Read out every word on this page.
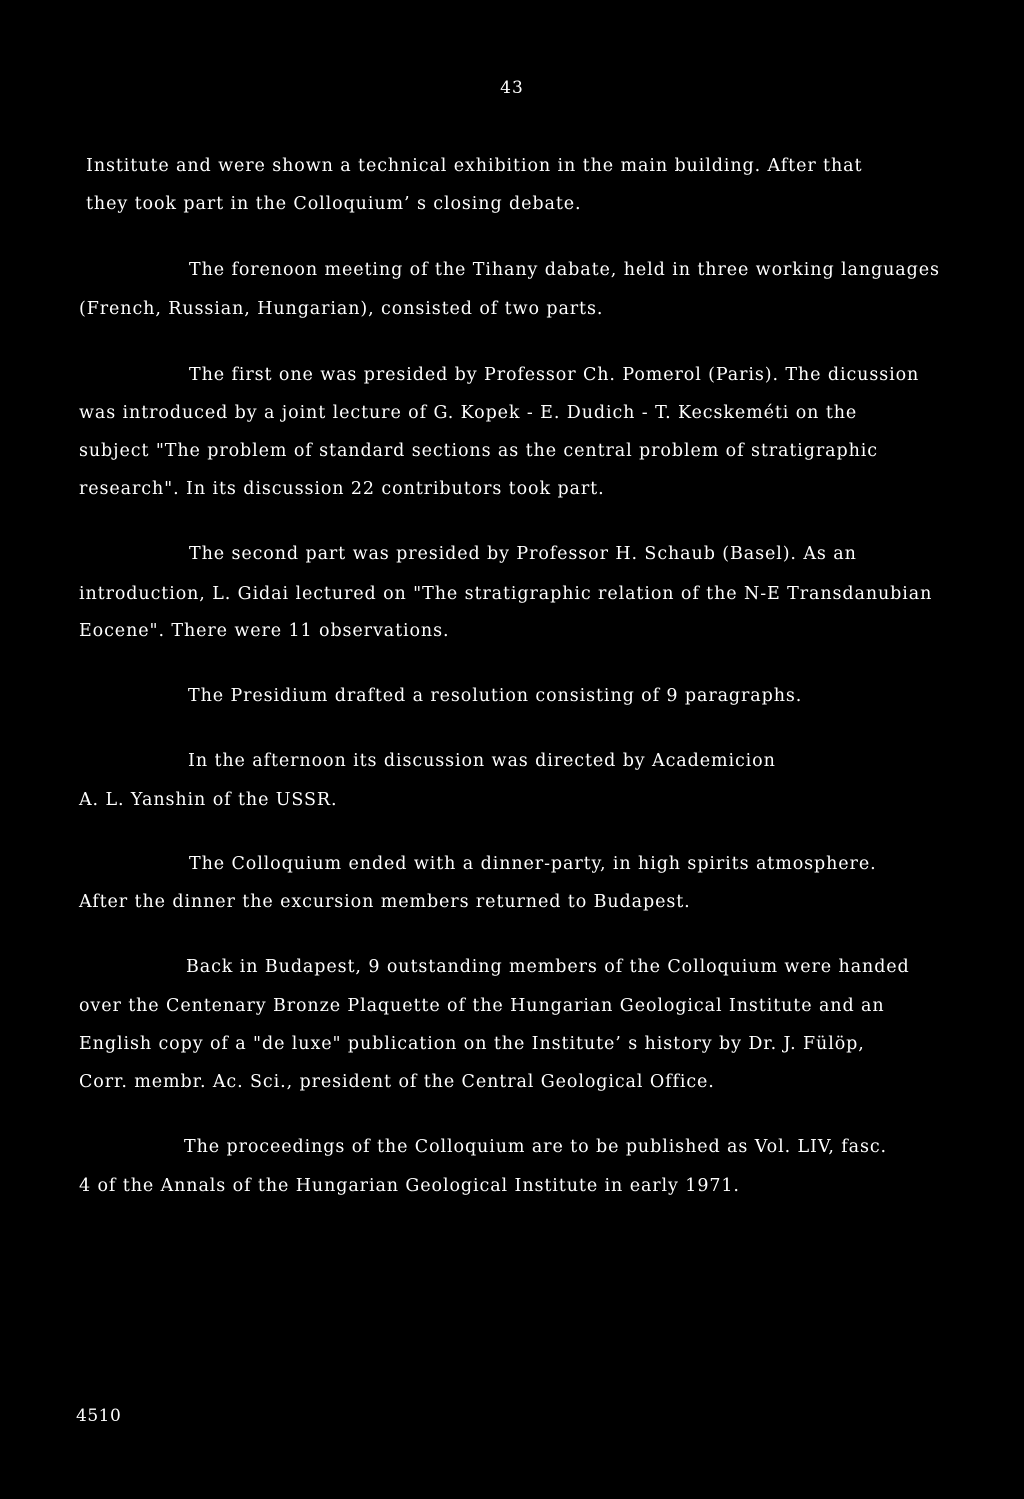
43
Institute and were shown a technical exhibition in the main building. After that
they took part in the Colloquium’ s closing debate.
The forenoon meeting of the Tihany dabate, held in three working languages
(French, Russian, Hungarian), consisted of two parts.
The first one was presided by Professor Ch. Pomerol (Paris). The dicussion
was introduced by a joint lecture of G. Kopek - E. Dudich - T. Kecskeméti on the
subject "The problem of standard sections as the central problem of stratigraphic
research". In its discussion 22 contributors took part.
The second part was presided by Professor H. Schaub (Basel). As an
introduction, L. Gidai lectured on "The stratigraphic relation of the N-E Transdanubian
Eocene". There were 11 observations.
The Presidium drafted a resolution consisting of 9 paragraphs.
In the afternoon its discussion was directed by Academicion
A. L. Yanshin of the USSR.
The Colloquium ended with a dinner-party, in high spirits atmosphere.
After the dinner the excursion members returned to Budapest.
Back in Budapest, 9 outstanding members of the Colloquium were handed
over the Centenary Bronze Plaquette of the Hungarian Geological Institute and an
English copy of a "de luxe" publication on the Institute’ s history by Dr. J. Fülöp,
Corr. membr. Ac. Sci., president of the Central Geological Office.
The proceedings of the Colloquium are to be published as Vol. LIV, fasc.
4 of the Annals of the Hungarian Geological Institute in early 1971.
4510
